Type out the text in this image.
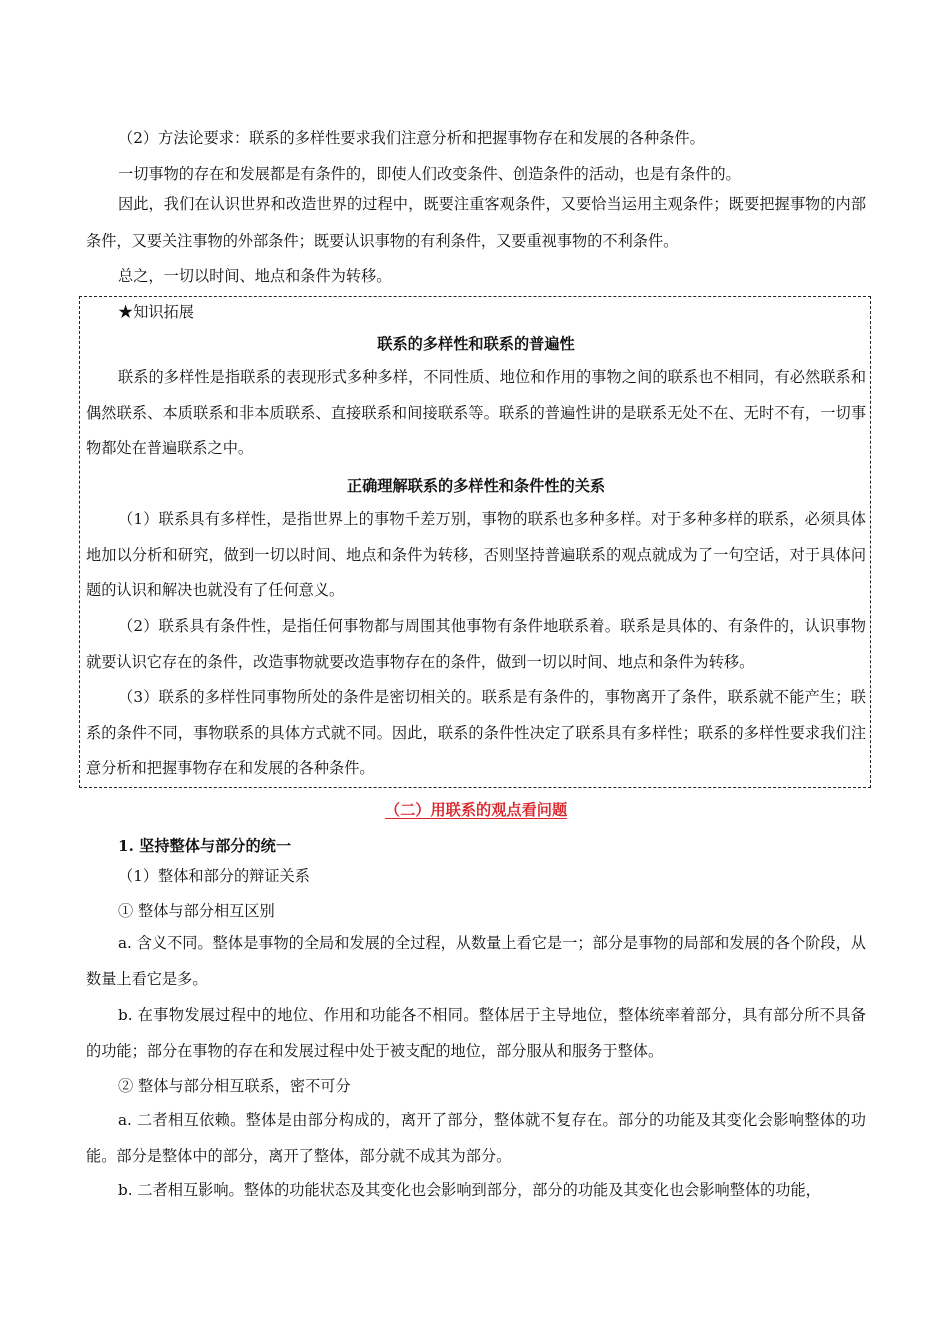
（2）方法论要求：联系的多样性要求我们注意分析和把握事物存在和发展的各种条件。

一切事物的存在和发展都是有条件的，即使人们改变条件、创造条件的活动，也是有条件的。

因此，我们在认识世界和改造世界的过程中，既要注重客观条件，又要恰当运用主观条件；既要把握事物的内部条件，又要关注事物的外部条件；既要认识事物的有利条件，又要重视事物的不利条件。

总之，一切以时间、地点和条件为转移。

★知识拓展

联系的多样性和联系的普遍性

联系的多样性是指联系的表现形式多种多样，不同性质、地位和作用的事物之间的联系也不相同，有必然联系和偶然联系、本质联系和非本质联系、直接联系和间接联系等。联系的普遍性讲的是联系无处不在、无时不有，一切事物都处在普遍联系之中。

正确理解联系的多样性和条件性的关系

（1）联系具有多样性，是指世界上的事物千差万别，事物的联系也多种多样。对于多种多样的联系，必须具体地加以分析和研究，做到一切以时间、地点和条件为转移，否则坚持普遍联系的观点就成为了一句空话，对于具体问题的认识和解决也就没有了任何意义。

（2）联系具有条件性，是指任何事物都与周围其他事物有条件地联系着。联系是具体的、有条件的，认识事物就要认识它存在的条件，改造事物就要改造事物存在的条件，做到一切以时间、地点和条件为转移。

（3）联系的多样性同事物所处的条件是密切相关的。联系是有条件的，事物离开了条件，联系就不能产生；联系的条件不同，事物联系的具体方式就不同。因此，联系的条件性决定了联系具有多样性；联系的多样性要求我们注意分析和把握事物存在和发展的各种条件。

（二）用联系的观点看问题

1. 坚持整体与部分的统一

（1）整体和部分的辩证关系

① 整体与部分相互区别

a. 含义不同。整体是事物的全局和发展的全过程，从数量上看它是一；部分是事物的局部和发展的各个阶段，从数量上看它是多。

b. 在事物发展过程中的地位、作用和功能各不相同。整体居于主导地位，整体统率着部分，具有部分所不具备的功能；部分在事物的存在和发展过程中处于被支配的地位，部分服从和服务于整体。

② 整体与部分相互联系，密不可分

a. 二者相互依赖。整体是由部分构成的，离开了部分，整体就不复存在。部分的功能及其变化会影响整体的功能。部分是整体中的部分，离开了整体，部分就不成其为部分。

b. 二者相互影响。整体的功能状态及其变化也会影响到部分，部分的功能及其变化也会影响整体的功能，
